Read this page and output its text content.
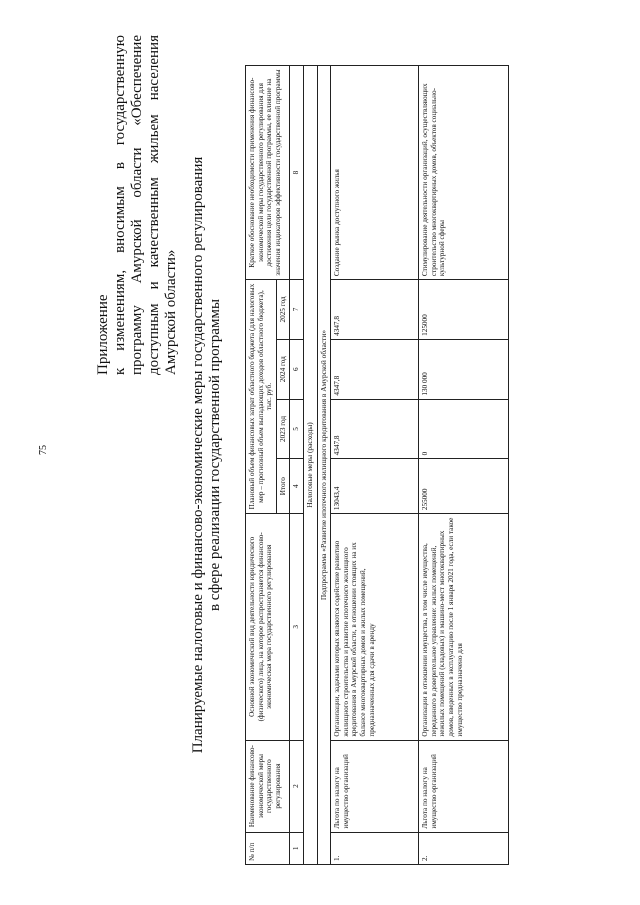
75
Приложение к изменениям, вносимым в государственную программу Амурской области «Обеспечение доступным и качественным жильем населения Амурской области» Планируемые налоговые и финансово-экономические меры государственного регулирования в сфере реализации государственной программы
№ п/п	Наименование финансово-экономической меры государственного регулирования	Основной экономический вид деятельности юридического (физического) лица, на которое распространяется финансово-экономическая мера государственного регулирования	Плановый объем финансовых затрат областного бюджета (для налоговых мер – прогнозный объем выпадающих доходов областного бюджета), тыс. руб.				Краткое обоснование необходимости применения финансово-экономической меры государственного регулирования для достижения цели государственной программы, ее влияние на значения индикаторов эффективности государственной программы
			Итого	2023 год	2024 год	2025 год	
1	2	3	4	5	6	7	8
Налоговые меры (расходы)							
Подпрограмма «Развитие ипотечного жилищного кредитования в Амурской области»							
1.	Льгота по налогу на имущество организаций	Организации, задачами которых являются содействие развитию жилищного строительства и развитие ипотечного жилищного кредитования в Амурской области, в отношении стоящих на их балансе многоквартирных домов и жилых помещений, предназначенных для сдачи в аренду	13043,4	4347,8	4347,8	4347,8	Создание рынка доступного жилья
2.	Льгота по налогу на имущество организаций	Организации в отношении имущества, в том числе имущества, переданного в доверительное управление: жилых помещений, нежилых помещений (кладовых) и машино-мест многоквартирных домов, введенных в эксплуатацию после 1 января 2021 года, если такое имущество предназначено для	255000	0	130 000	125000	Стимулирование деятельности организаций, осуществляющих строительство многоквартирных домов, объектов социально-культурной сферы
